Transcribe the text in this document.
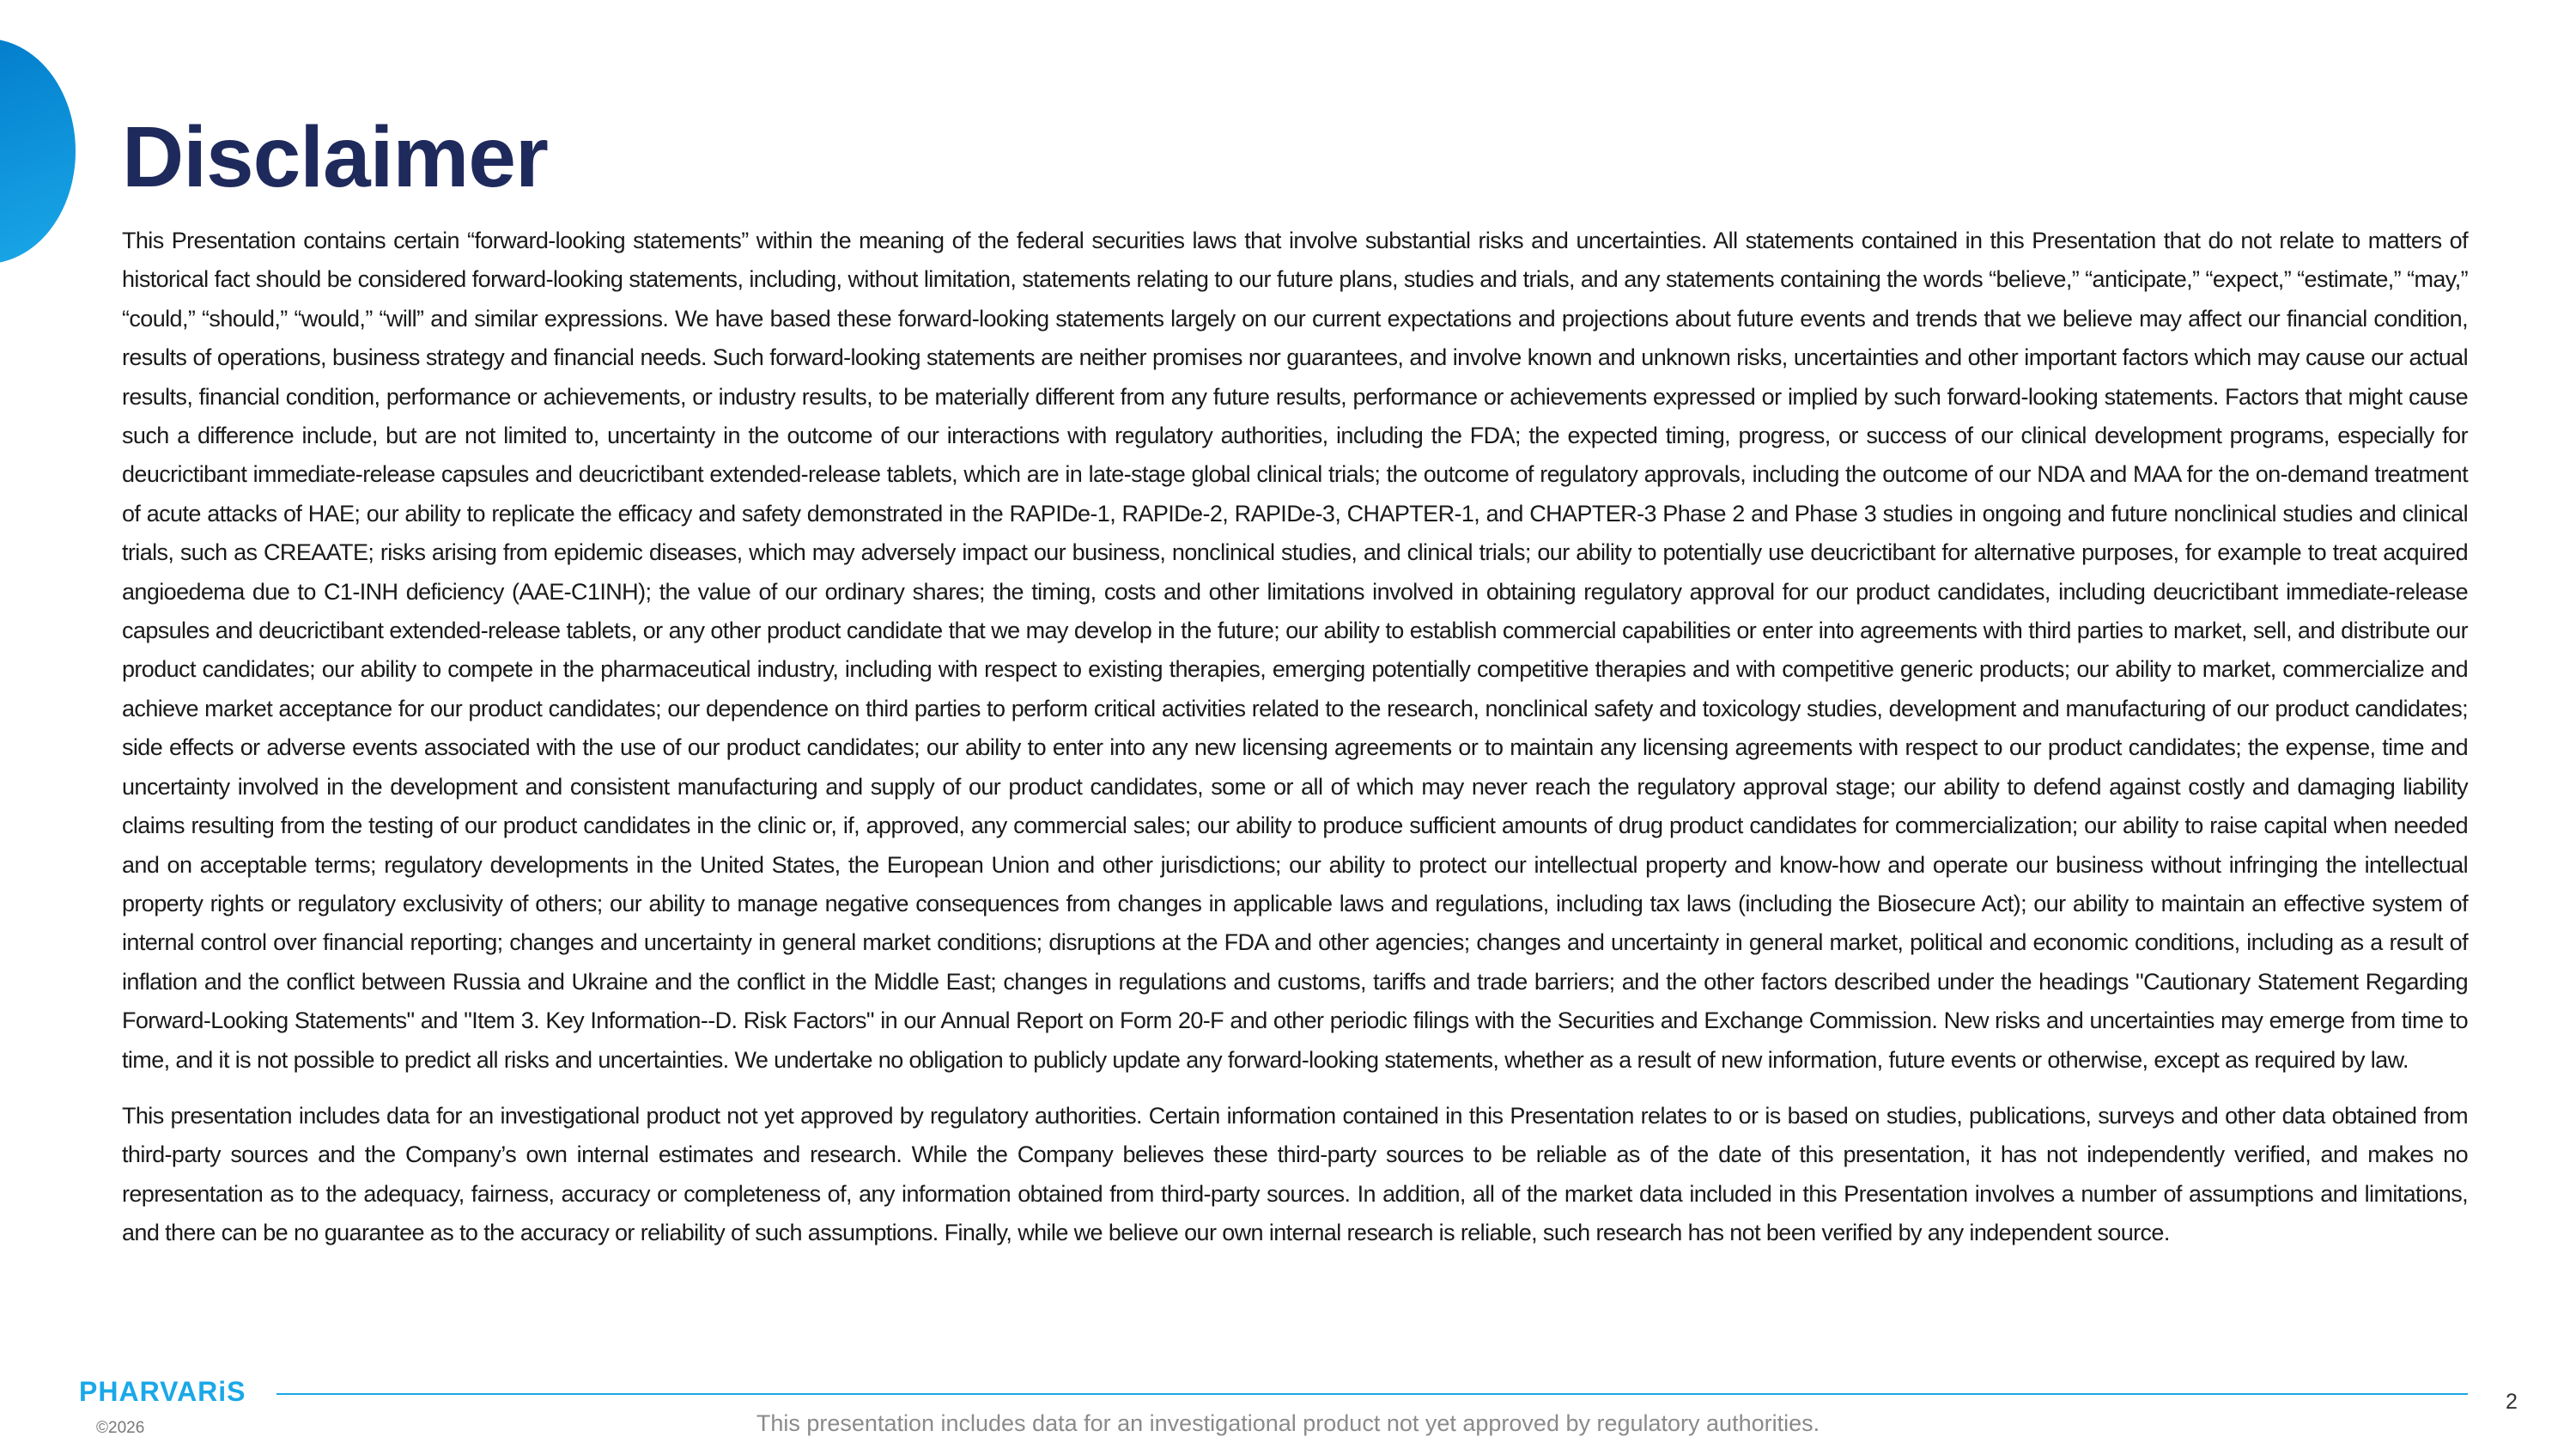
Disclaimer

This Presentation contains certain “forward-looking statements” within the meaning of the federal securities laws that involve substantial risks and uncertainties. All statements contained in this Presentation that do not relate to matters of historical fact should be considered forward-looking statements, including, without limitation, statements relating to our future plans, studies and trials, and any statements containing the words “believe,” “anticipate,” “expect,” “estimate,” “may,” “could,” “should,” “would,” “will” and similar expressions. We have based these forward-looking statements largely on our current expectations and projections about future events and trends that we believe may affect our financial condition, results of operations, business strategy and financial needs. Such forward-looking statements are neither promises nor guarantees, and involve known and unknown risks, uncertainties and other important factors which may cause our actual results, financial condition, performance or achievements, or industry results, to be materially different from any future results, performance or achievements expressed or implied by such forward-looking statements. Factors that might cause such a difference include, but are not limited to, uncertainty in the outcome of our interactions with regulatory authorities, including the FDA; the expected timing, progress, or success of our clinical development programs, especially for deucrictibant immediate-release capsules and deucrictibant extended-release tablets, which are in late-stage global clinical trials; the outcome of regulatory approvals, including the outcome of our NDA and MAA for the on-demand treatment of acute attacks of HAE; our ability to replicate the efficacy and safety demonstrated in the RAPIDe-1, RAPIDe-2, RAPIDe-3, CHAPTER-1, and CHAPTER-3 Phase 2 and Phase 3 studies in ongoing and future nonclinical studies and clinical trials, such as CREAATE; risks arising from epidemic diseases, which may adversely impact our business, nonclinical studies, and clinical trials; our ability to potentially use deucrictibant for alternative purposes, for example to treat acquired angioedema due to C1-INH deficiency (AAE-C1INH); the value of our ordinary shares; the timing, costs and other limitations involved in obtaining regulatory approval for our product candidates, including deucrictibant immediate-release capsules and deucrictibant extended-release tablets, or any other product candidate that we may develop in the future; our ability to establish commercial capabilities or enter into agreements with third parties to market, sell, and distribute our product candidates; our ability to compete in the pharmaceutical industry, including with respect to existing therapies, emerging potentially competitive therapies and with competitive generic products; our ability to market, commercialize and achieve market acceptance for our product candidates; our dependence on third parties to perform critical activities related to the research, nonclinical safety and toxicology studies, development and manufacturing of our product candidates; side effects or adverse events associated with the use of our product candidates; our ability to enter into any new licensing agreements or to maintain any licensing agreements with respect to our product candidates; the expense, time and uncertainty involved in the development and consistent manufacturing and supply of our product candidates, some or all of which may never reach the regulatory approval stage; our ability to defend against costly and damaging liability claims resulting from the testing of our product candidates in the clinic or, if, approved, any commercial sales; our ability to produce sufficient amounts of drug product candidates for commercialization; our ability to raise capital when needed and on acceptable terms; regulatory developments in the United States, the European Union and other jurisdictions; our ability to protect our intellectual property and know-how and operate our business without infringing the intellectual property rights or regulatory exclusivity of others; our ability to manage negative consequences from changes in applicable laws and regulations, including tax laws (including the Biosecure Act); our ability to maintain an effective system of internal control over financial reporting; changes and uncertainty in general market conditions; disruptions at the FDA and other agencies; changes and uncertainty in general market, political and economic conditions, including as a result of inflation and the conflict between Russia and Ukraine and the conflict in the Middle East; changes in regulations and customs, tariffs and trade barriers; and the other factors described under the headings "Cautionary Statement Regarding Forward-Looking Statements" and "Item 3. Key Information--D. Risk Factors" in our Annual Report on Form 20-F and other periodic filings with the Securities and Exchange Commission. New risks and uncertainties may emerge from time to time, and it is not possible to predict all risks and uncertainties. We undertake no obligation to publicly update any forward-looking statements, whether as a result of new information, future events or otherwise, except as required by law.

This presentation includes data for an investigational product not yet approved by regulatory authorities. Certain information contained in this Presentation relates to or is based on studies, publications, surveys and other data obtained from third-party sources and the Company’s own internal estimates and research. While the Company believes these third-party sources to be reliable as of the date of this presentation, it has not independently verified, and makes no representation as to the adequacy, fairness, accuracy or completeness of, any information obtained from third-party sources. In addition, all of the market data included in this Presentation involves a number of assumptions and limitations, and there can be no guarantee as to the accuracy or reliability of such assumptions. Finally, while we believe our own internal research is reliable, such research has not been verified by any independent source.

PHARVARiS
©2026	This presentation includes data for an investigational product not yet approved by regulatory authorities.
2
